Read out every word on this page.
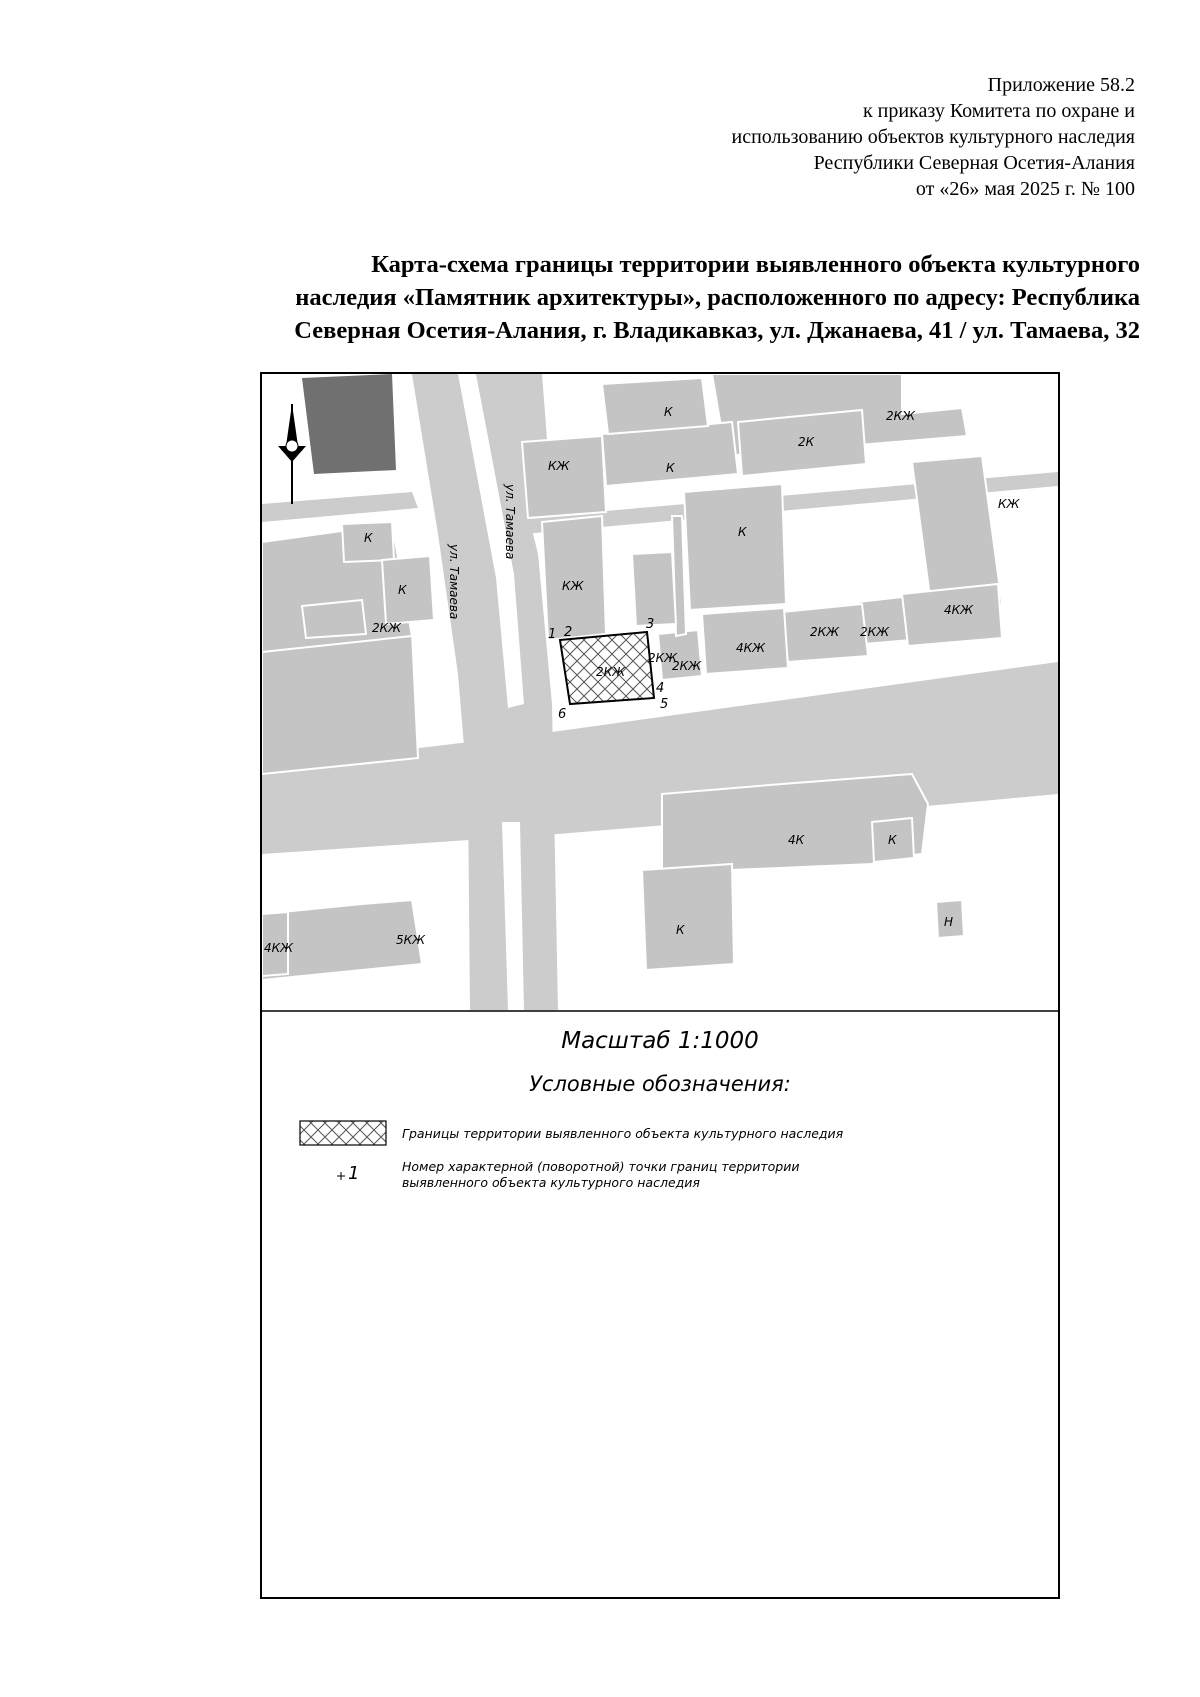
Приложение 58.2
к приказу Комитета по охране и
использованию объектов культурного наследия
Республики Северная Осетия-Алания
от «26» мая 2025 г. № 100
Карта-схема границы территории выявленного объекта культурного
наследия «Памятник архитектуры», расположенного по адресу: Республика
Северная Осетия-Алания, г. Владикавказ, ул. Джанаева, 41 / ул. Тамаева, 32
ул. Тамаева
ул. Тамаева
2КЖ
К
К
2КЖ
КЖ	К
2К
К
КЖ
К
КЖ
2КЖ
4КЖ
2КЖ
2КЖ
4КЖ
2КЖ
4К	К
К
Н
5КЖ
4КЖ
2КЖ
1 2
3
4
5
6
Масштаб 1:1000
Условные обозначения:
Границы территории выявленного объекта культурного наследия
1	Номер характерной (поворотной) точки границ территории
выявленного объекта культурного наследия
